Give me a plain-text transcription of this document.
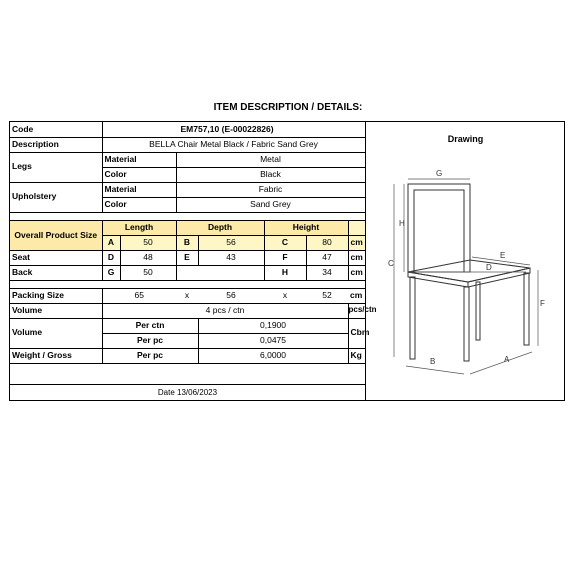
ITEM DESCRIPTION / DETAILS:
Code	EM757,10 (E-00022826)						
Description	BELLA Chair Metal Black / Fabric Sand Grey						
Legs	Material		Metal				
	Color		Black				
Upholstery	Material		Fabric				
	Color		Sand Grey				

Overall Product Size	Length		Depth		Height		
	A	50	B	56	C	80	cm
Seat	D	48	E	43	F	47	cm
Back	G	50			H	34	cm

Packing Size	65		x	56	x	52	cm
Volume	4 pcs / ctn						pcs/ctn
Volume	Per ctn			0,1900			Cbm
	Per pc			0,0475			
Weight / Gross	Per pc			6,0000			Kg
Date 13/06/2023
Drawing
G
H
C
E
D
F
B	A
